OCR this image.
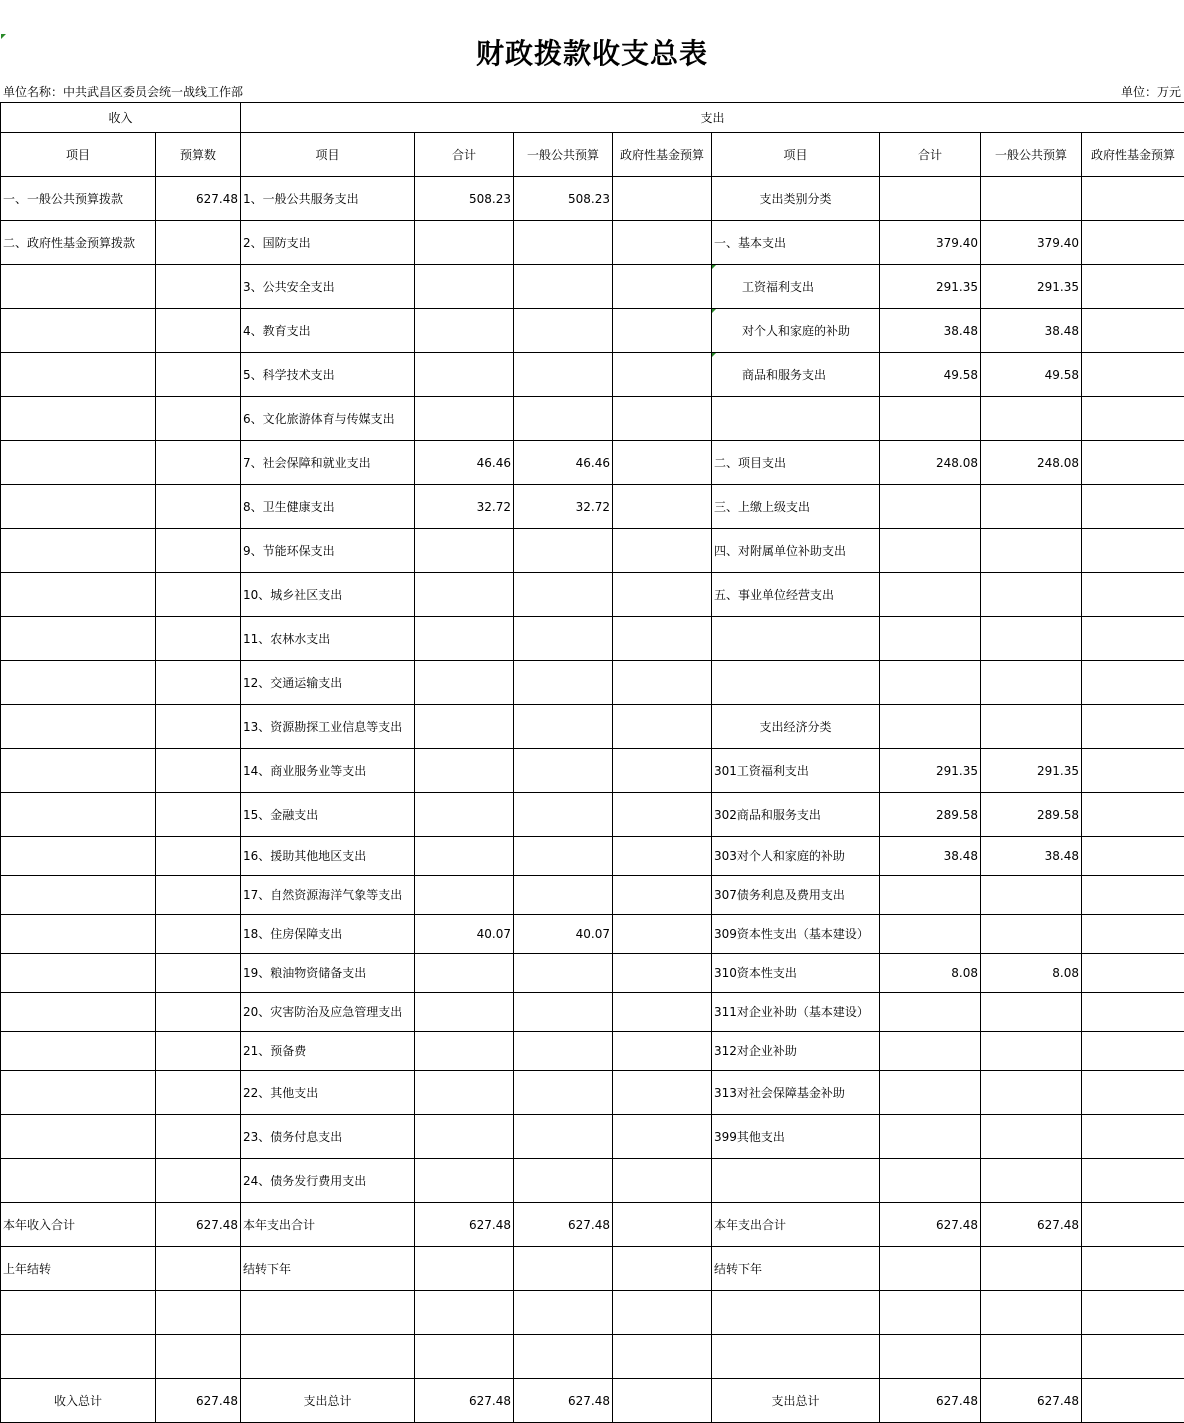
财政拨款收支总表
单位名称：中共武昌区委员会统一战线工作部	单位：万元
收入		支出							
项目	预算数	项目	合计	一般公共预算	政府性基金预算	项目	合计	一般公共预算	政府性基金预算
一、一般公共预算拨款	627.48	1、一般公共服务支出	508.23	508.23		支出类别分类			
二、政府性基金预算拨款		2、国防支出				一、基本支出	379.40	379.40	
		3、公共安全支出				工资福利支出	291.35	291.35	
		4、教育支出				对个人和家庭的补助	38.48	38.48	
		5、科学技术支出				商品和服务支出	49.58	49.58	
		6、文化旅游体育与传媒支出							
		7、社会保障和就业支出	46.46	46.46		二、项目支出	248.08	248.08	
		8、卫生健康支出	32.72	32.72		三、上缴上级支出			
		9、节能环保支出				四、对附属单位补助支出			
		10、城乡社区支出				五、事业单位经营支出			
		11、农林水支出							
		12、交通运输支出							
		13、资源勘探工业信息等支出				支出经济分类			
		14、商业服务业等支出				301工资福利支出	291.35	291.35	
		15、金融支出				302商品和服务支出	289.58	289.58	
		16、援助其他地区支出				303对个人和家庭的补助	38.48	38.48	
		17、自然资源海洋气象等支出				307债务利息及费用支出			
		18、住房保障支出	40.07	40.07		309资本性支出（基本建设）			
		19、粮油物资储备支出				310资本性支出	8.08	8.08	
		20、灾害防治及应急管理支出				311对企业补助（基本建设）			
		21、预备费				312对企业补助			
		22、其他支出				313对社会保障基金补助			
		23、债务付息支出				399其他支出			
		24、债务发行费用支出							
本年收入合计	627.48	本年支出合计	627.48	627.48		本年支出合计	627.48	627.48	
上年结转		结转下年				结转下年			

收入总计	627.48	支出总计	627.48	627.48		支出总计	627.48	627.48	
